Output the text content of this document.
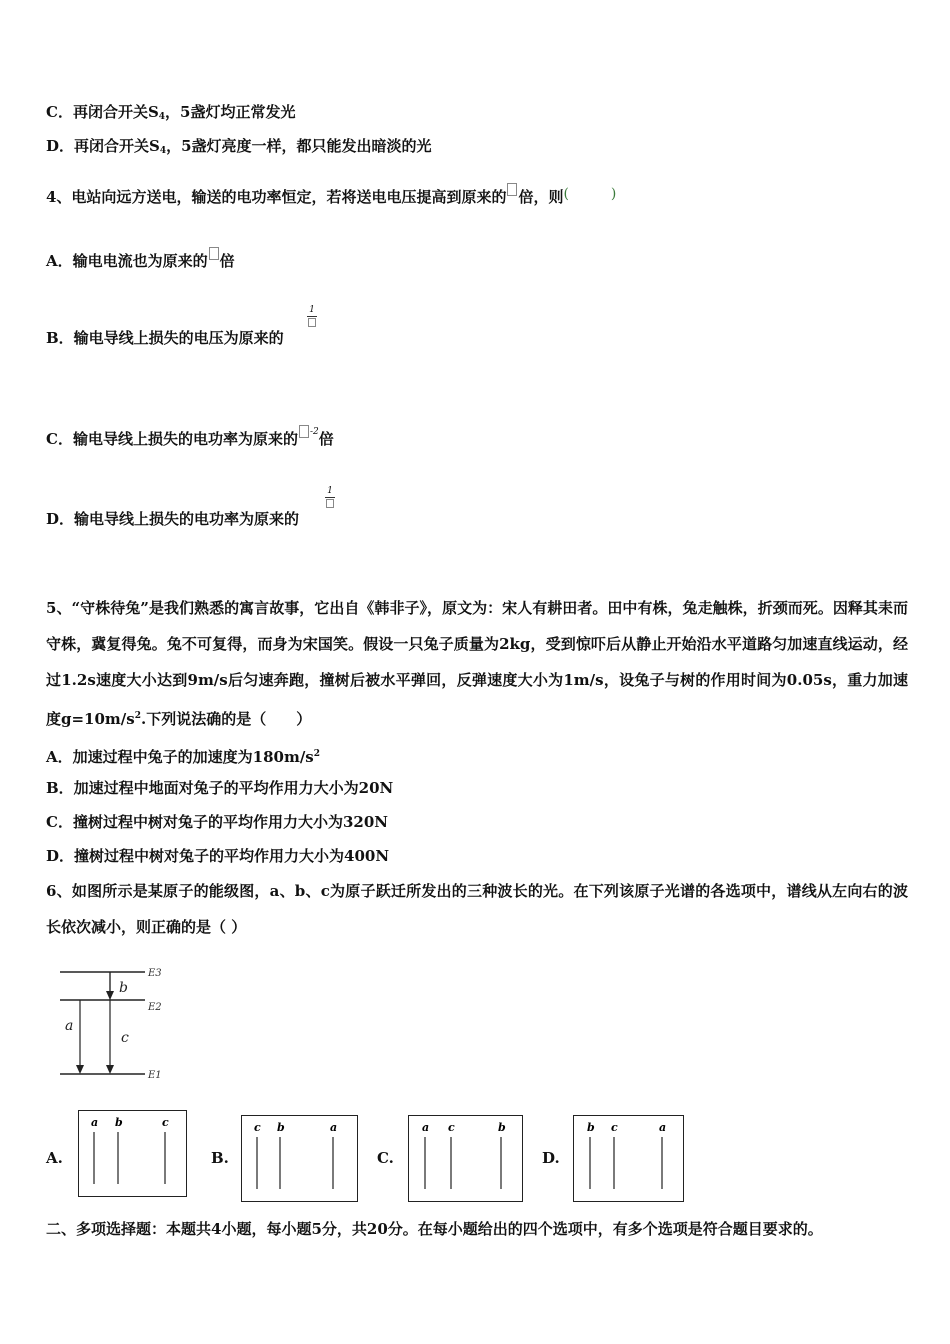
C．再闭合开关$S_4$，5盏灯均正常发光
D．再闭合开关$S_4$，5盏灯亮度一样，都只能发出暗淡的光
4、电站向远方送电，输送的电功率恒定，若将送电电压提高到原来的 倍，则(　　　)
A．输电电流也为原来的 倍
B．输电导线上损失的电压为原来的
1
C．输电导线上损失的电功率为原来的 $^{-2}$倍
D．输电导线上损失的电功率为原来的
1
5、“守株待兔”是我们熟悉的寓言故事，它出自《韩非子》，原文为：宋人有耕田者。田中有株，兔走触株，折颈而死。因释其耒而守株，冀复得兔。兔不可复得，而身为宋国笑。假设一只兔子质量为2kg，受到惊吓后从静止开始沿水平道路匀加速直线运动，经过1.2s速度大小达到9m/s后匀速奔跑，撞树后被水平弹回，反弹速度大小为1m/s，设兔子与树的作用时间为0.05s，重力加速度$g=10m/s^2$.下列说法确的是（　　）
A．加速过程中兔子的加速度为$180m/s^2$
B．加速过程中地面对兔子的平均作用力大小为20N
C．撞树过程中树对兔子的平均作用力大小为320N
D．撞树过程中树对兔子的平均作用力大小为400N
6、如图所示是某原子的能级图，a、b、c为原子跃迁所发出的三种波长的光。在下列该原子光谱的各选项中，谱线从左向右的波长依次减小，则正确的是（ ）
E3
E2
E1
a
b
c
A.
a b	c
B.
c b	a
C.
a c	b
D.
b c	a
二、多项选择题：本题共4小题，每小题5分，共20分。在每小题给出的四个选项中，有多个选项是符合题目要求的。
